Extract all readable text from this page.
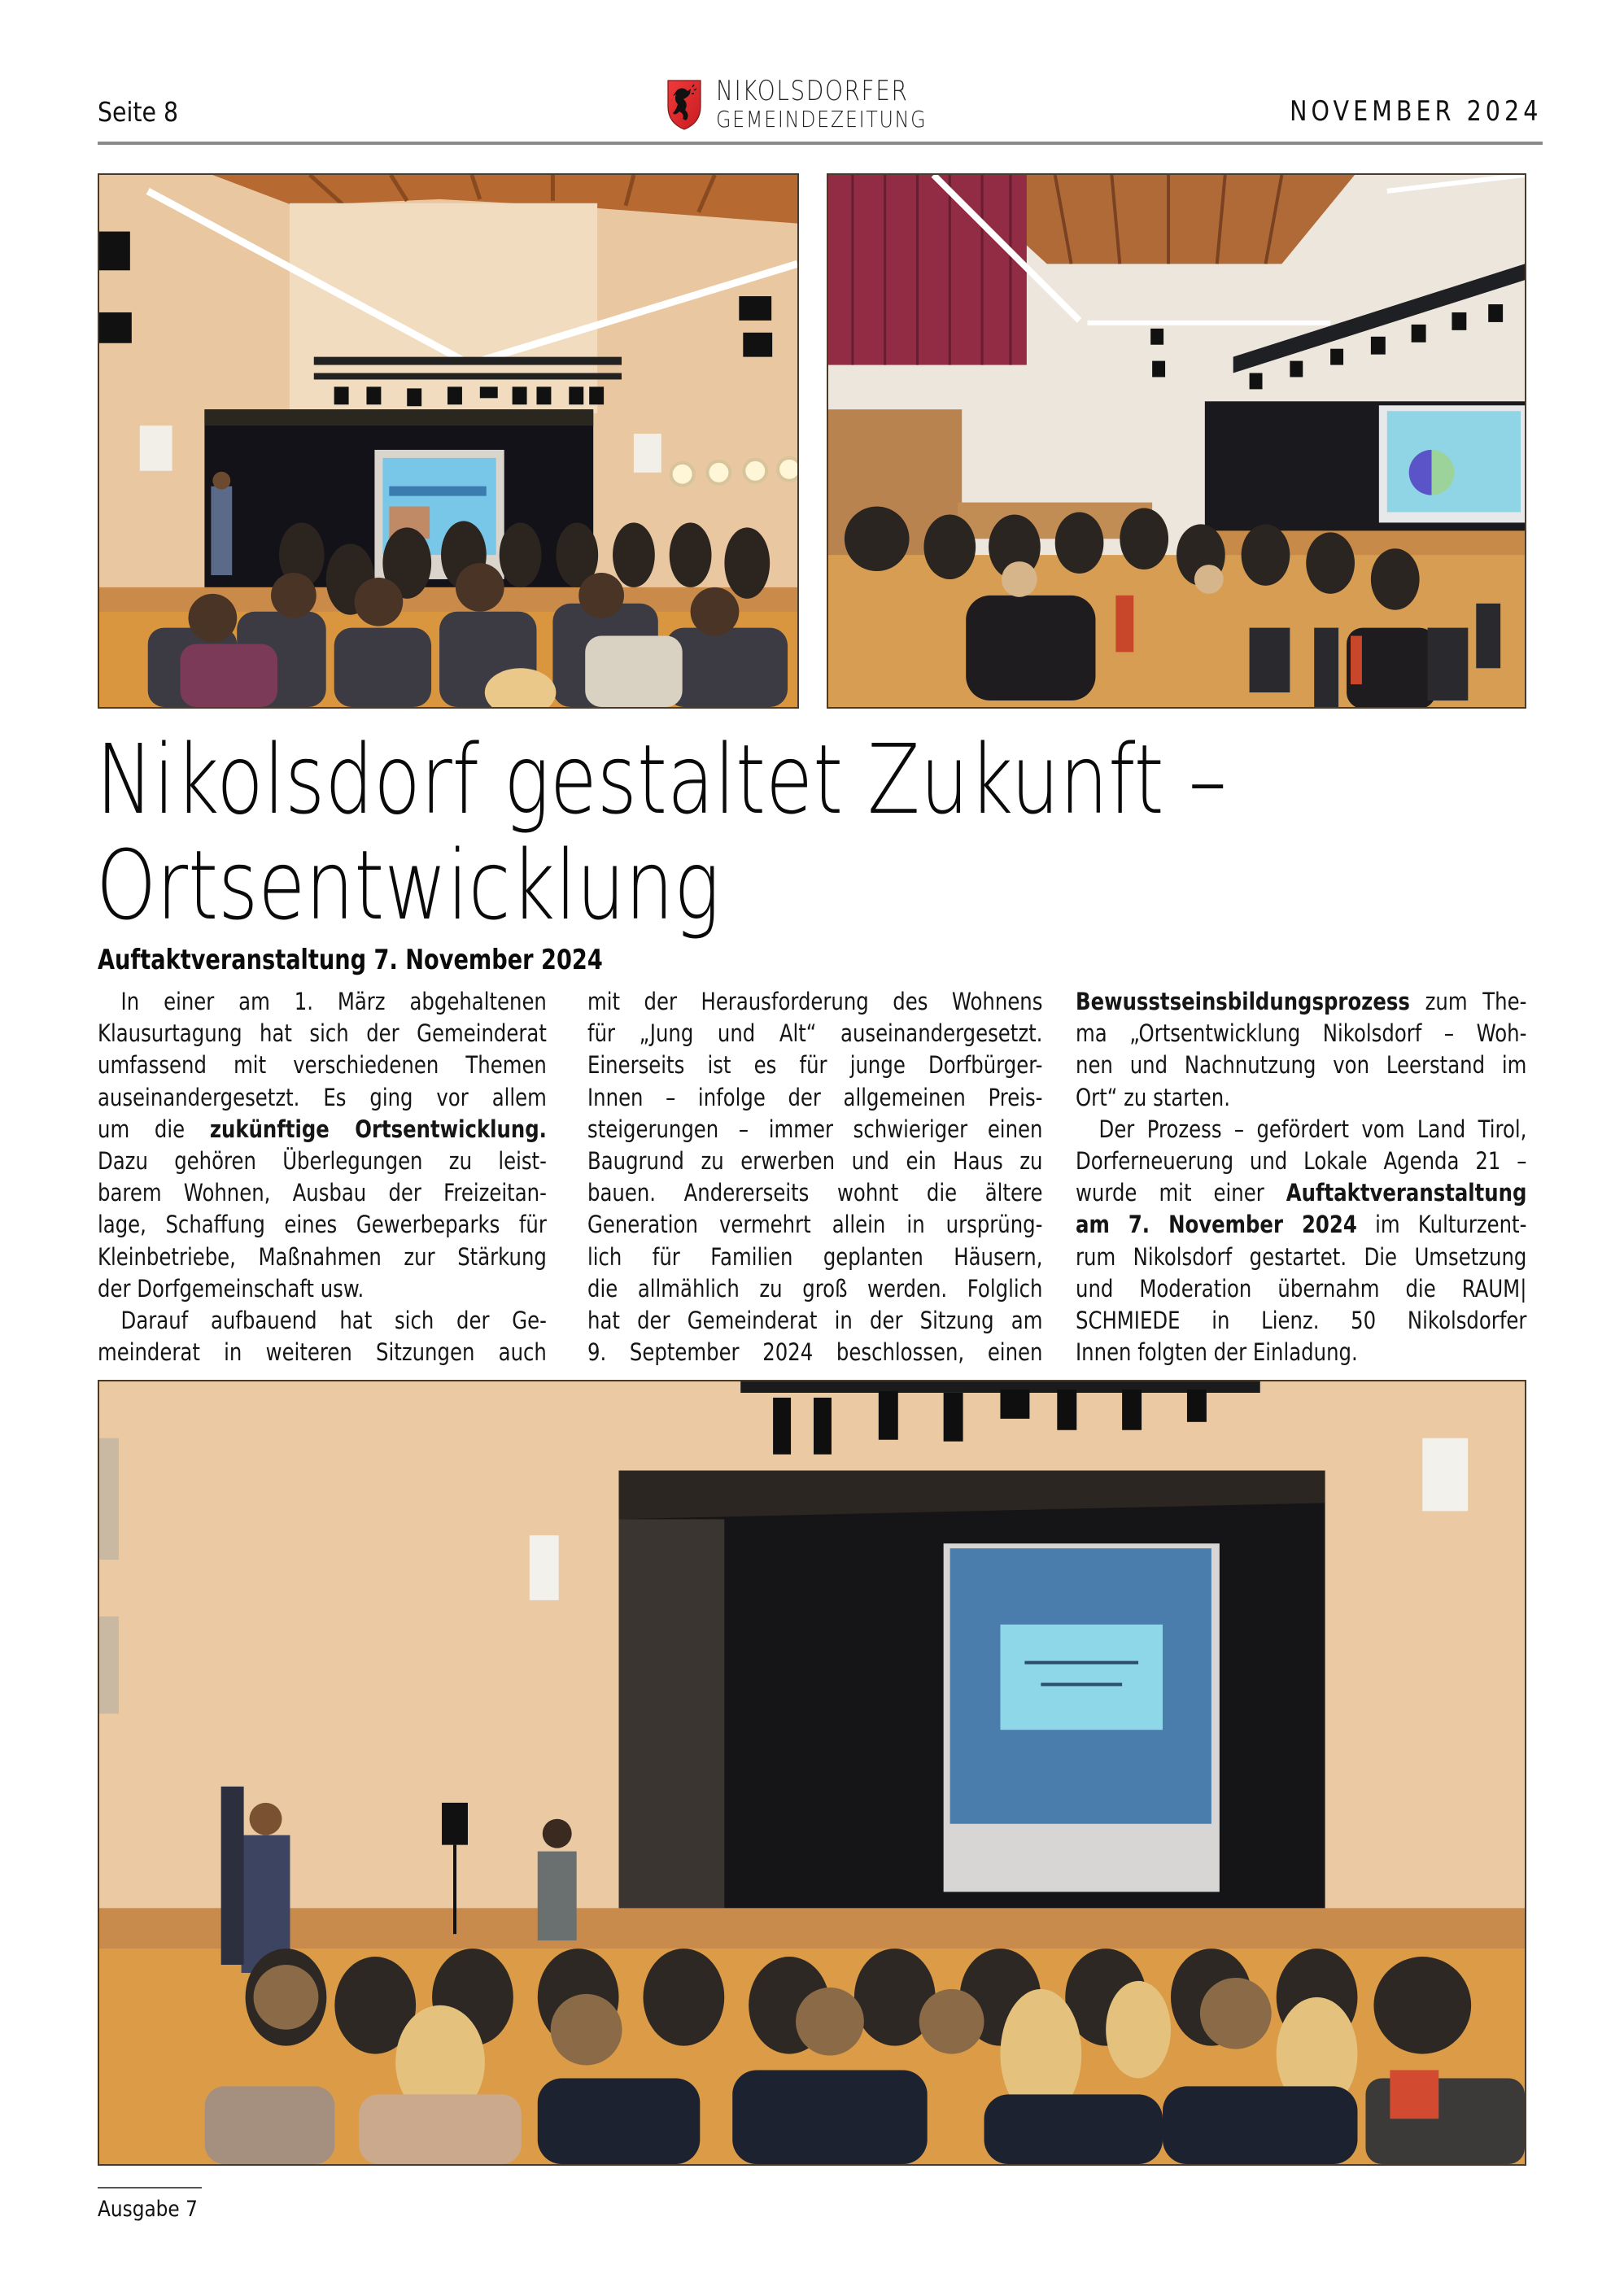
Seite 8
NIKOLSDORFER
GEMEINDEZEITUNG	NOVEMBER 2024
Nikolsdorf gestaltet Zukunft –
Ortsentwicklung
Auftaktveranstaltung 7. November 2024
In einer am 1. März abgehaltenen
Klausurtagung hat sich der Gemeinderat
umfassend mit verschiedenen Themen
auseinandergesetzt. Es ging vor allem
um die zukünftige Ortsentwicklung.
Dazu gehören Überlegungen zu leist-
barem Wohnen, Ausbau der Freizeitan-
lage, Schaffung eines Gewerbeparks für
Kleinbetriebe, Maßnahmen zur Stärkung
der Dorfgemeinschaft usw.
Darauf aufbauend hat sich der Ge-
meinderat in weiteren Sitzungen auch
mit der Herausforderung des Wohnens
für „Jung und Alt“ auseinandergesetzt.
Einerseits ist es für junge Dorfbürger-
Innen – infolge der allgemeinen Preis-
steigerungen – immer schwieriger einen
Baugrund zu erwerben und ein Haus zu
bauen. Andererseits wohnt die ältere
Generation vermehrt allein in ursprüng-
lich für Familien geplanten Häusern,
die allmählich zu groß werden. Folglich
hat der Gemeinderat in der Sitzung am
9. September 2024 beschlossen, einen
Bewusstseinsbildungsprozess zum The-
ma „Ortsentwicklung Nikolsdorf – Woh-
nen und Nachnutzung von Leerstand im
Ort“ zu starten.
Der Prozess – gefördert vom Land Tirol,
Dorferneuerung und Lokale Agenda 21 –
wurde mit einer Auftaktveranstaltung
am 7. November 2024 im Kulturzent-
rum Nikolsdorf gestartet. Die Umsetzung
und Moderation übernahm die RAUM|
SCHMIEDE in Lienz. 50 Nikolsdorfer
Innen folgten der Einladung.
Ausgabe 7
